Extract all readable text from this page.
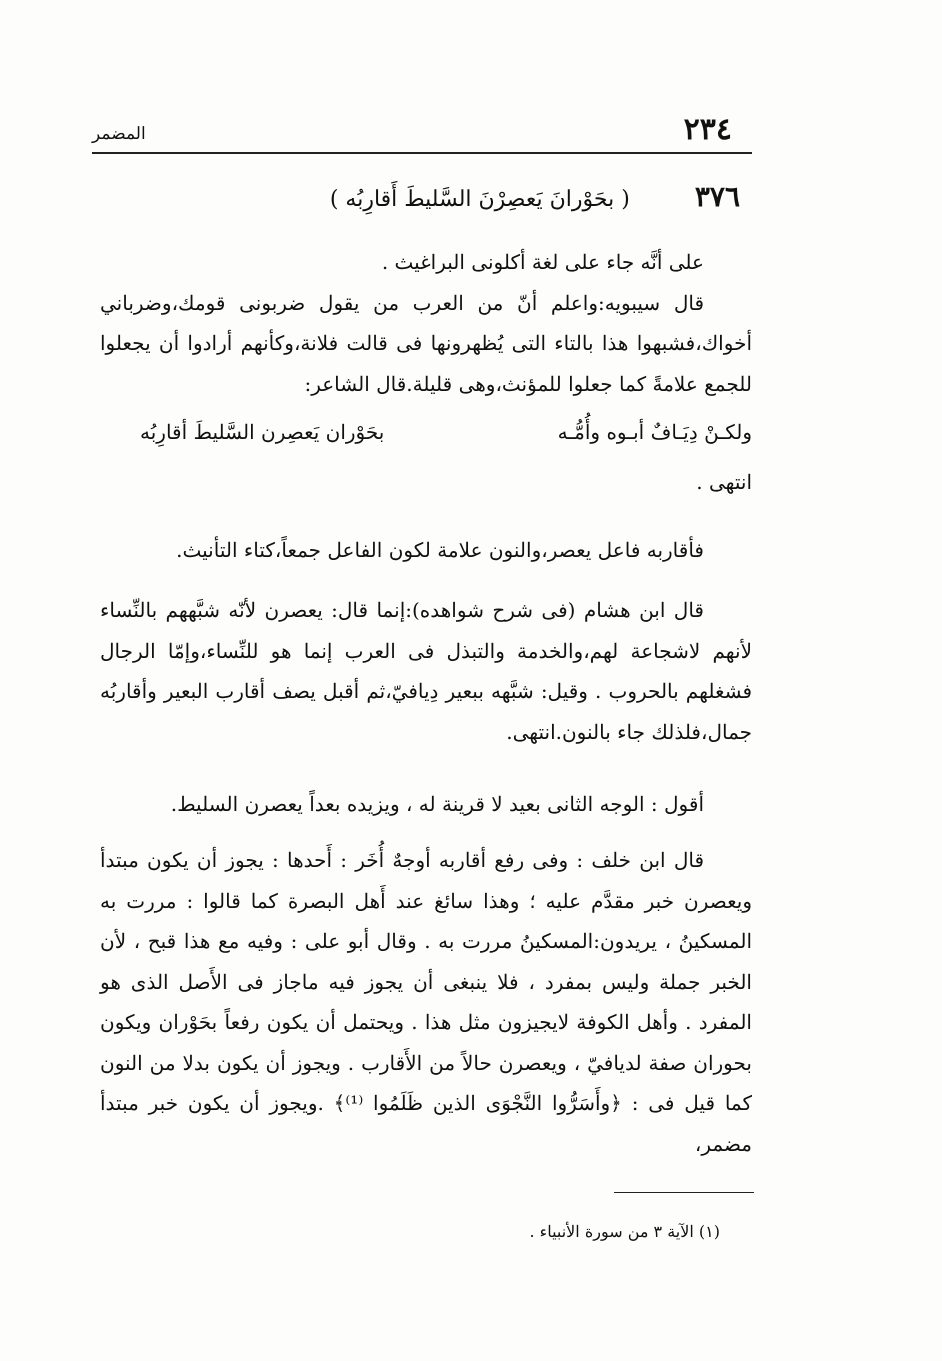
٢٣٤
المضمر
٣٧٦ ( بحَوْرانَ يَعصِرْنَ السَّليطَ أَقارِبُه )
على أنَّه جاء على لغة أكلونى البراغيث .
قال سيبويه:واعلم أنّ من العرب من يقول ضربونى قومك،وضرباني أخواك،فشبهوا هذا بالتاء التى يُظهرونها فى قالت فلانة،وكأنهم أرادوا أن يجعلوا للجمع علامةً كما جعلوا للمؤنث،وهى قليلة.قال الشاعر:
ولكـنْ دِيَـافٌ أبـوه وأُمُّـه
بحَوْران يَعصِرن السَّليطَ أقارِبُه
انتهى .
فأقاربه فاعل يعصر،والنون علامة لكون الفاعل جمعاً،كتاء التأنيث.
قال ابن هشام (فى شرح شواهده):إنما قال: يعصرن لأنّه شبَّههم بالنِّساء لأنهم لاشجاعة لهم،والخدمة والتبذل فى العرب إنما هو للنِّساء،وإمّا الرجال فشغلهم بالحروب . وقيل: شبَّهه ببعير دِيافيّ،ثم أقبل يصف أقارب البعير وأقاربُه جمال،فلذلك جاء بالنون.انتهى.
أقول : الوجه الثانى بعيد لا قرينة له ، ويزيده بعداً يعصرن السليط.
قال ابن خلف : وفى رفع أقاربه أوجهٌ أُخَر : أَحدها : يجوز أن يكون مبتدأ ويعصرن خبر مقدَّم عليه ؛ وهذا سائغ عند أَهل البصرة كما قالوا : مررت به المسكينُ ، يريدون:المسكينُ مررت به . وقال أبو على : وفيه مع هذا قبح ، لأن الخبر جملة وليس بمفرد ، فلا ينبغى أن يجوز فيه ماجاز فى الأَصل الذى هو المفرد . وأهل الكوفة لايجيزون مثل هذا . ويحتمل أن يكون رفعاً بحَوْران ويكون بحوران صفة لديافيّ ، ويعصرن حالاً من الأَقارب . ويجوز أن يكون بدلا من النون كما قيل فى : ﴿وأَسَرُّوا النَّجْوَى الذين ظَلَمُوا ⁽¹⁾﴾ .ويجوز أن يكون خبر مبتدأ مضمر،
(١) الآية ٣ من سورة الأنبياء .
